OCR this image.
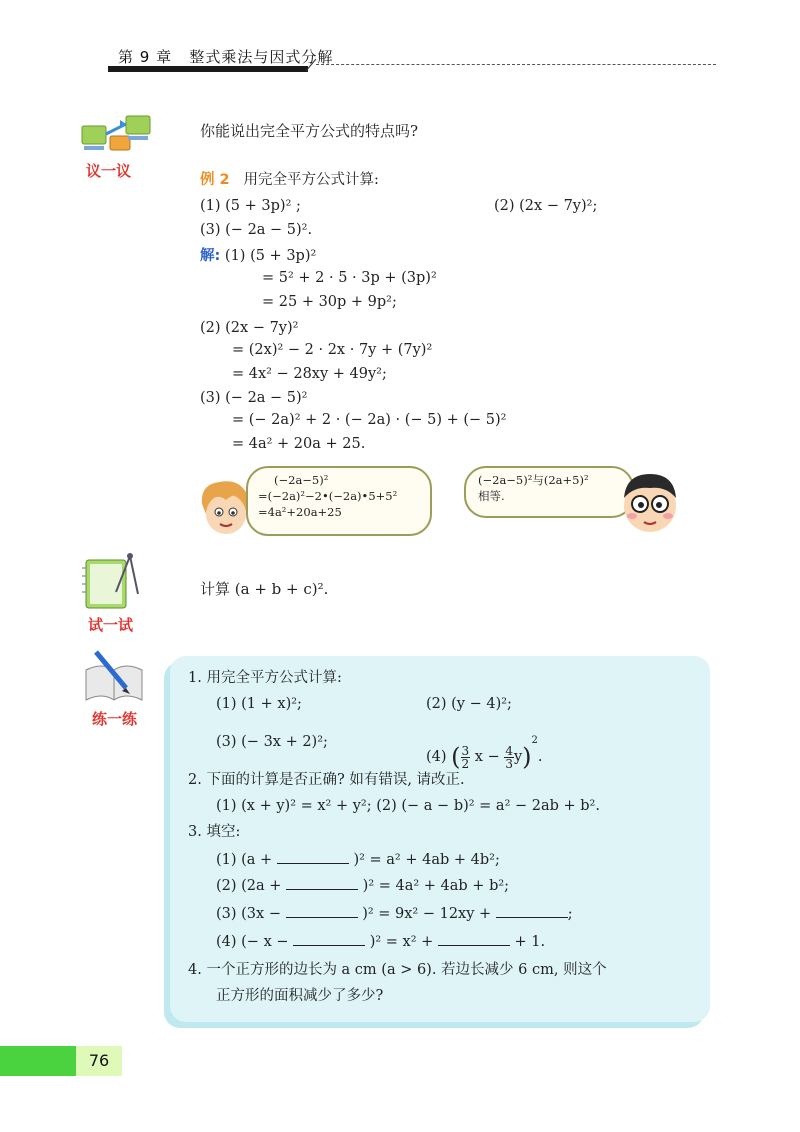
第 9 章 整式乘法与因式分解
议一议
你能说出完全平方公式的特点吗?
例 2 用完全平方公式计算:
(1) (5 + 3p)² ;	(2) (2x − 7y)²;
(3) (− 2a − 5)².
解: (1) (5 + 3p)²
= 5² + 2 · 5 · 3p + (3p)²
= 25 + 30p + 9p²;
(2) (2x − 7y)²
= (2x)² − 2 · 2x · 7y + (7y)²
= 4x² − 28xy + 49y²;
(3) (− 2a − 5)²
= (− 2a)² + 2 · (− 2a) · (− 5) + (− 5)²
= 4a² + 20a + 25.
(−2a−5)²
=(−2a)²−2•(−2a)•5+5²
=4a²+20a+25
(−2a−5)²与(2a+5)²
相等.
试一试
计算 (a + b + c)².
练一练
1. 用完全平方公式计算:
(1) (1 + x)²;	(2) (y − 4)²;
(3) (− 3x + 2)²;
(4) ( $\frac{3}{2}$ $x - \frac{4}{3} y)^2$.
2. 下面的计算是否正确? 如有错误, 请改正.
(1) (x + y)² = x² + y²; (2) (− a − b)² = a² − 2ab + b².
3. 填空:
(1) (a +	)² = a² + 4ab + 4b²;
(2) (2a +	)² = 4a² + 4ab + b²;
(3) (3x −	)² = 9x² − 12xy +	;
(4) (− x −	)² = x² +	+ 1.
4. 一个正方形的边长为 a cm (a > 6). 若边长减少 6 cm, 则这个
正方形的面积减少了多少?
76
